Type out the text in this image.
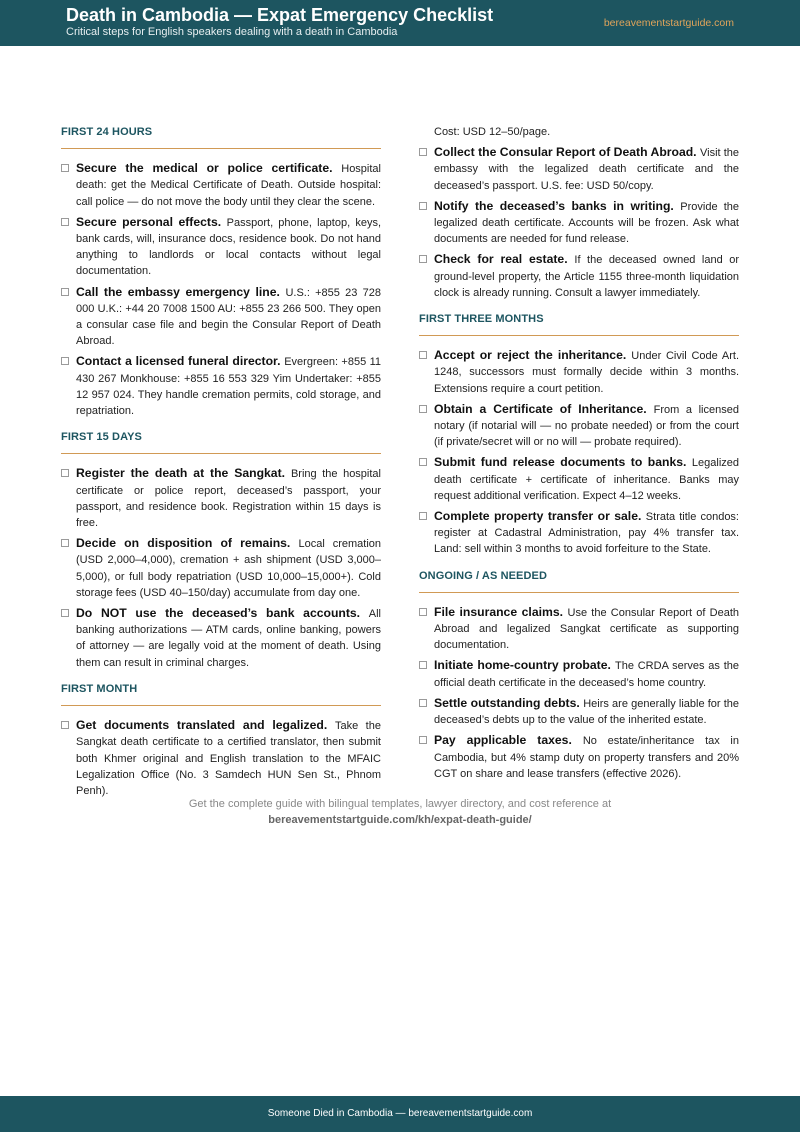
Death in Cambodia — Expat Emergency Checklist
Critical steps for English speakers dealing with a death in Cambodia
bereavementstartguide.com
FIRST 24 HOURS
Secure the medical or police certificate. Hospital death: get the Medical Certificate of Death. Outside hospital: call police — do not move the body until they clear the scene.
Secure personal effects. Passport, phone, laptop, keys, bank cards, will, insurance docs, residence book. Do not hand anything to landlords or local contacts without legal documentation.
Call the embassy emergency line. U.S.: +855 23 728 000 U.K.: +44 20 7008 1500 AU: +855 23 266 500. They open a consular case file and begin the Consular Report of Death Abroad.
Contact a licensed funeral director. Evergreen: +855 11 430 267 Monkhouse: +855 16 553 329 Yim Undertaker: +855 12 957 024. They handle cremation permits, cold storage, and repatriation.
FIRST 15 DAYS
Register the death at the Sangkat. Bring the hospital certificate or police report, deceased’s passport, your passport, and residence book. Registration within 15 days is free.
Decide on disposition of remains. Local cremation (USD 2,000–4,000), cremation + ash shipment (USD 3,000–5,000), or full body repatriation (USD 10,000–15,000+). Cold storage fees (USD 40–150/day) accumulate from day one.
Do NOT use the deceased’s bank accounts. All banking authorizations — ATM cards, online banking, powers of attorney — are legally void at the moment of death. Using them can result in criminal charges.
FIRST MONTH
Get documents translated and legalized. Take the Sangkat death certificate to a certified translator, then submit both Khmer original and English translation to the MFAIC Legalization Office (No. 3 Samdech HUN Sen St., Phnom Penh).
Cost: USD 12–50/page.
Collect the Consular Report of Death Abroad. Visit the embassy with the legalized death certificate and the deceased’s passport. U.S. fee: USD 50/copy.
Notify the deceased’s banks in writing. Provide the legalized death certificate. Accounts will be frozen. Ask what documents are needed for fund release.
Check for real estate. If the deceased owned land or ground-level property, the Article 1155 three-month liquidation clock is already running. Consult a lawyer immediately.
FIRST THREE MONTHS
Accept or reject the inheritance. Under Civil Code Art. 1248, successors must formally decide within 3 months. Extensions require a court petition.
Obtain a Certificate of Inheritance. From a licensed notary (if notarial will — no probate needed) or from the court (if private/secret will or no will — probate required).
Submit fund release documents to banks. Legalized death certificate + certificate of inheritance. Banks may request additional verification. Expect 4–12 weeks.
Complete property transfer or sale. Strata title condos: register at Cadastral Administration, pay 4% transfer tax. Land: sell within 3 months to avoid forfeiture to the State.
ONGOING / AS NEEDED
File insurance claims. Use the Consular Report of Death Abroad and legalized Sangkat certificate as supporting documentation.
Initiate home-country probate. The CRDA serves as the official death certificate in the deceased’s home country.
Settle outstanding debts. Heirs are generally liable for the deceased’s debts up to the value of the inherited estate.
Pay applicable taxes. No estate/inheritance tax in Cambodia, but 4% stamp duty on property transfers and 20% CGT on share and lease transfers (effective 2026).
Get the complete guide with bilingual templates, lawyer directory, and cost reference at
bereavementstartguide.com/kh/expat-death-guide/
Someone Died in Cambodia — bereavementstartguide.com
